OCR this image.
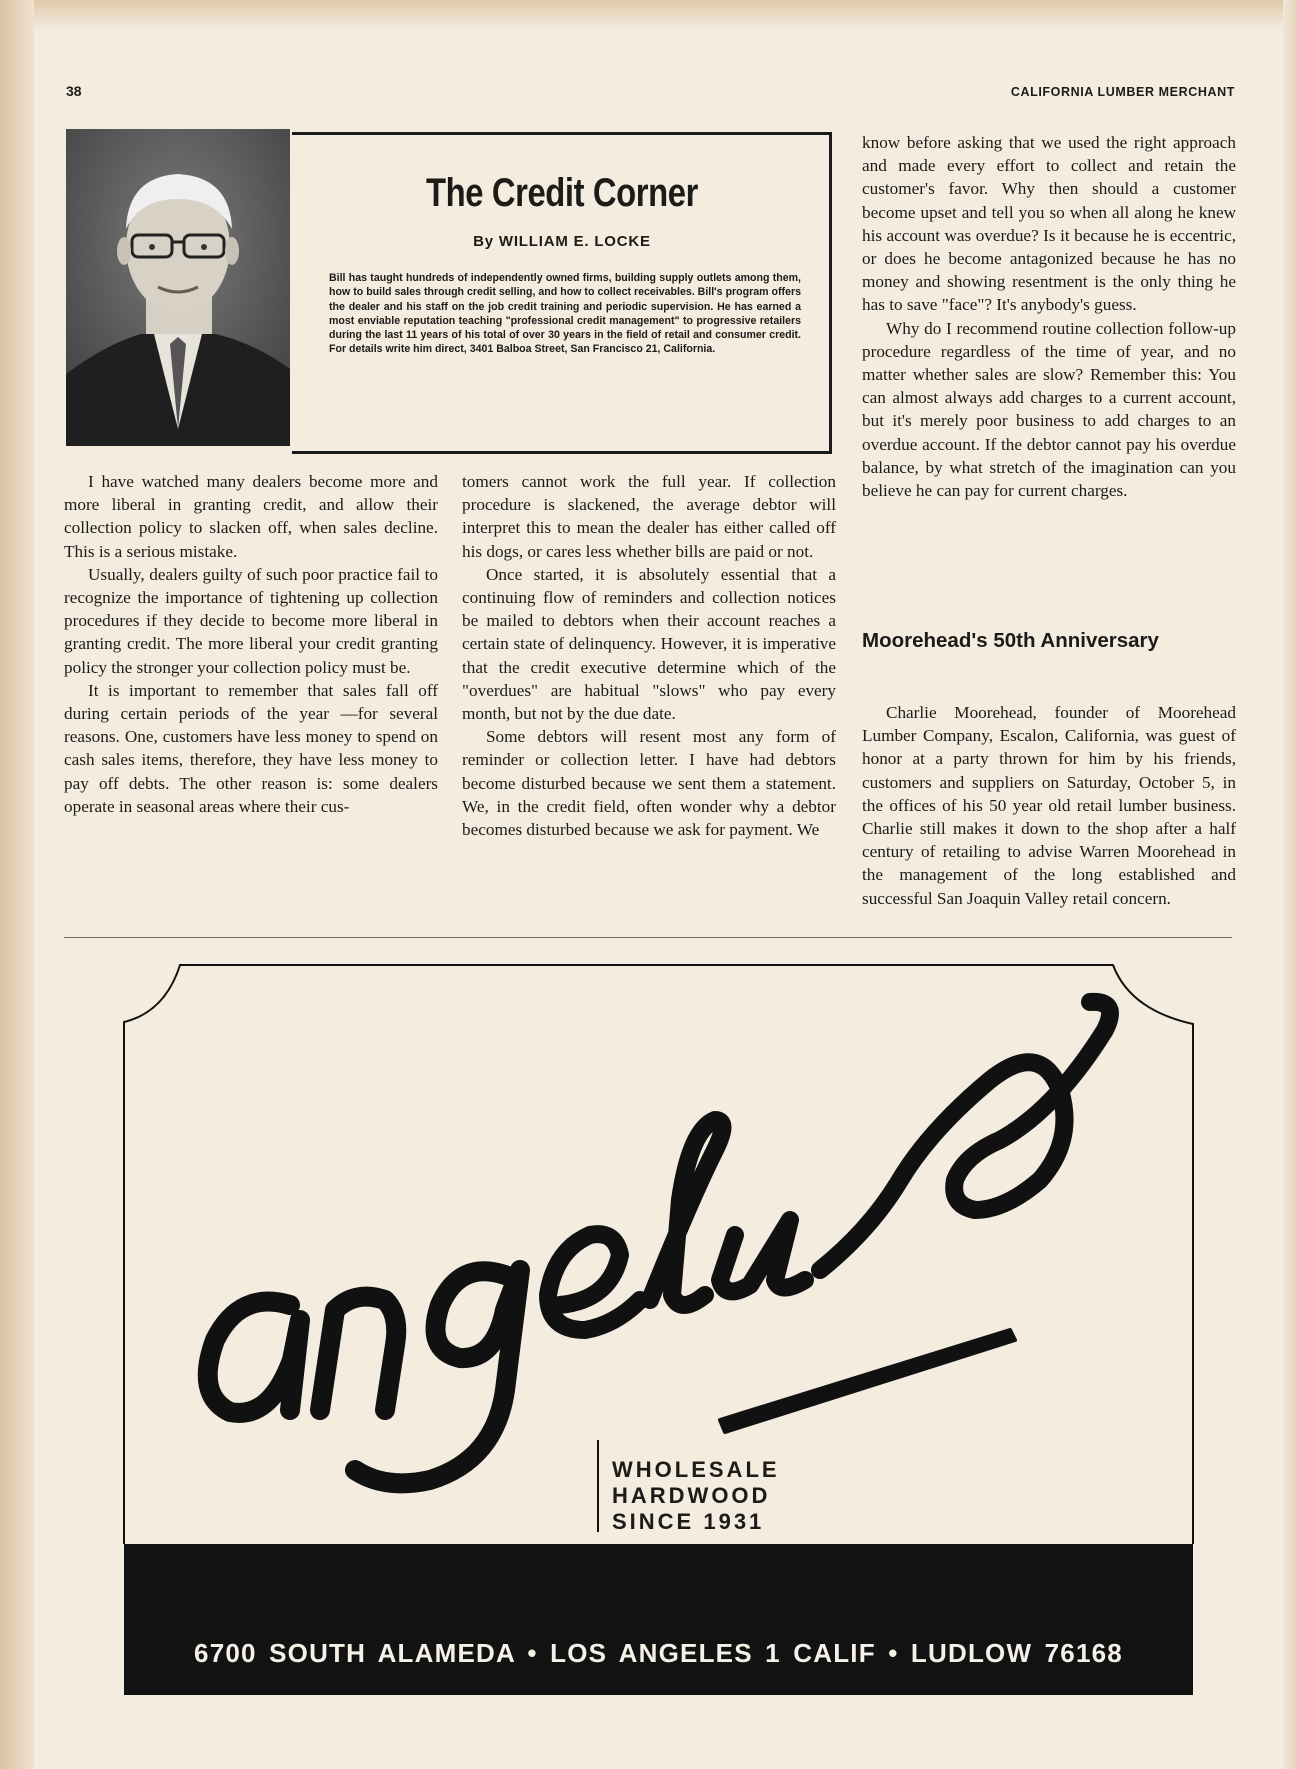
38	CALIFORNIA LUMBER MERCHANT
The Credit Corner
By WILLIAM E. LOCKE

Bill has taught hundreds of independently owned firms, building supply outlets among them, how to build sales through credit selling, and how to collect receivables. Bill's program offers the dealer and his staff on the job credit training and periodic supervision. He has earned a most enviable reputation teaching "professional credit management" to progressive retailers during the last 11 years of his total of over 30 years in the field of retail and consumer credit. For details write him direct, 3401 Balboa Street, San Francisco 21, California.

I have watched many dealers become more and more liberal in granting credit, and allow their collection policy to slacken off, when sales decline. This is a serious mistake.

Usually, dealers guilty of such poor practice fail to recognize the importance of tightening up collection procedures if they decide to become more liberal in granting credit. The more liberal your credit granting policy the stronger your collection policy must be.

It is important to remember that sales fall off during certain periods of the year —for several reasons. One, customers have less money to spend on cash sales items, therefore, they have less money to pay off debts. The other reason is: some dealers operate in seasonal areas where their cus-

tomers cannot work the full year. If collection procedure is slackened, the average debtor will interpret this to mean the dealer has either called off his dogs, or cares less whether bills are paid or not.

Once started, it is absolutely essential that a continuing flow of reminders and collection notices be mailed to debtors when their account reaches a certain state of delinquency. However, it is imperative that the credit executive determine which of the "overdues" are habitual "slows" who pay every month, but not by the due date.

Some debtors will resent most any form of reminder or collection letter. I have had debtors become disturbed because we sent them a statement. We, in the credit field, often wonder why a debtor becomes disturbed because we ask for payment. We

know before asking that we used the right approach and made every effort to collect and retain the customer's favor. Why then should a customer become upset and tell you so when all along he knew his account was overdue? Is it because he is eccentric, or does he become antagonized because he has no money and showing resentment is the only thing he has to save "face"? It's anybody's guess.

Why do I recommend routine collection follow-up procedure regardless of the time of year, and no matter whether sales are slow? Remember this: You can almost always add charges to a current account, but it's merely poor business to add charges to an overdue account. If the debtor cannot pay his overdue balance, by what stretch of the imagination can you believe he can pay for current charges.

Moorehead's 50th Anniversary

Charlie Moorehead, founder of Moorehead Lumber Company, Escalon, California, was guest of honor at a party thrown for him by his friends, customers and suppliers on Saturday, October 5, in the offices of his 50 year old retail lumber business. Charlie still makes it down to the shop after a half century of retailing to advise Warren Moorehead in the management of the long established and successful San Joaquin Valley retail concern.

WHOLESALE HARDWOOD SINCE 1931
6700 SOUTH ALAMEDA • LOS ANGELES 1 CALIF • LUDLOW 76168
